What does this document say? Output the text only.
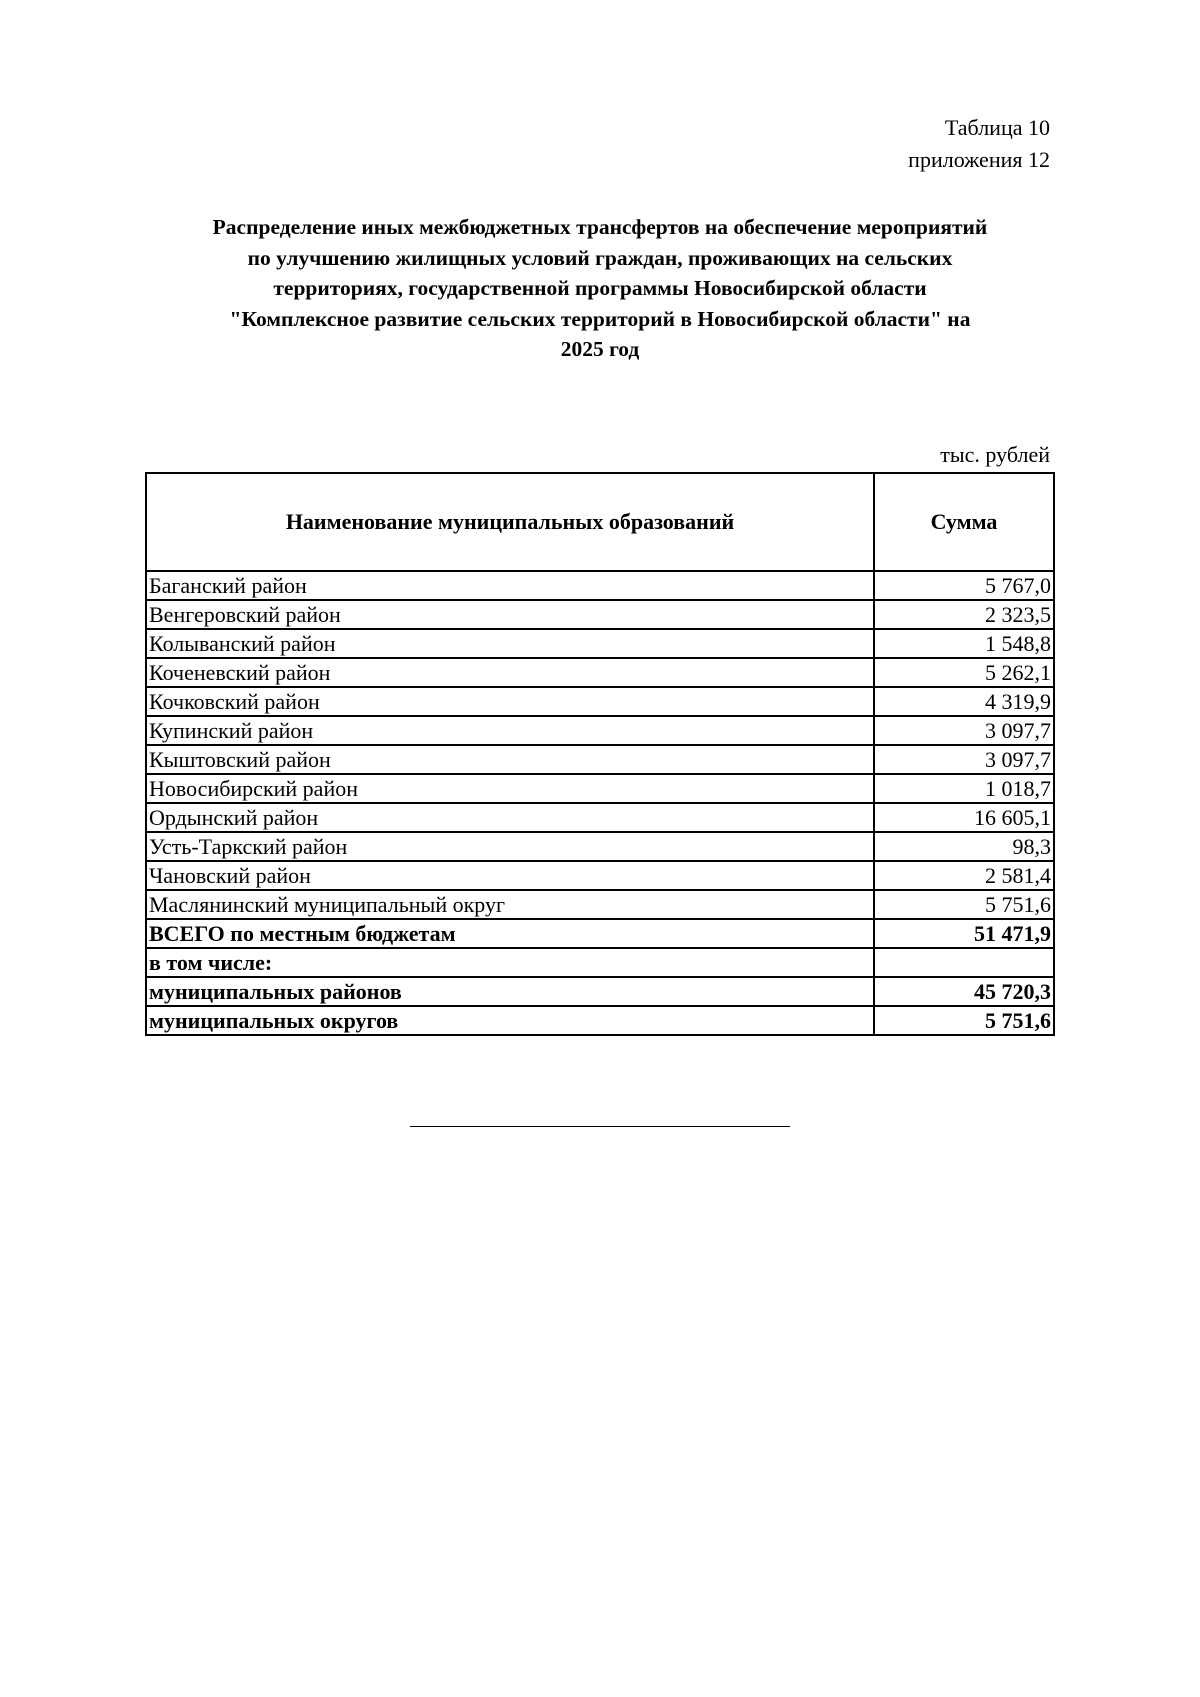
Таблица 10
приложения 12
Распределение иных межбюджетных трансфертов на обеспечение мероприятий
по улучшению жилищных условий граждан, проживающих на сельских
территориях, государственной программы Новосибирской области
"Комплексное развитие сельских территорий в Новосибирской области" на
2025 год
тыс. рублей
Наименование муниципальных образований	Сумма
Баганский район	5 767,0
Венгеровский район	2 323,5
Колыванский район	1 548,8
Коченевский район	5 262,1
Кочковский район	4 319,9
Купинский район	3 097,7
Кыштовский район	3 097,7
Новосибирский район	1 018,7
Ордынский район	16 605,1
Усть-Таркский район	98,3
Чановский район	2 581,4
Маслянинский муниципальный округ	5 751,6
ВСЕГО по местным бюджетам	51 471,9
в том числе:	
муниципальных районов	45 720,3
муниципальных округов	5 751,6
